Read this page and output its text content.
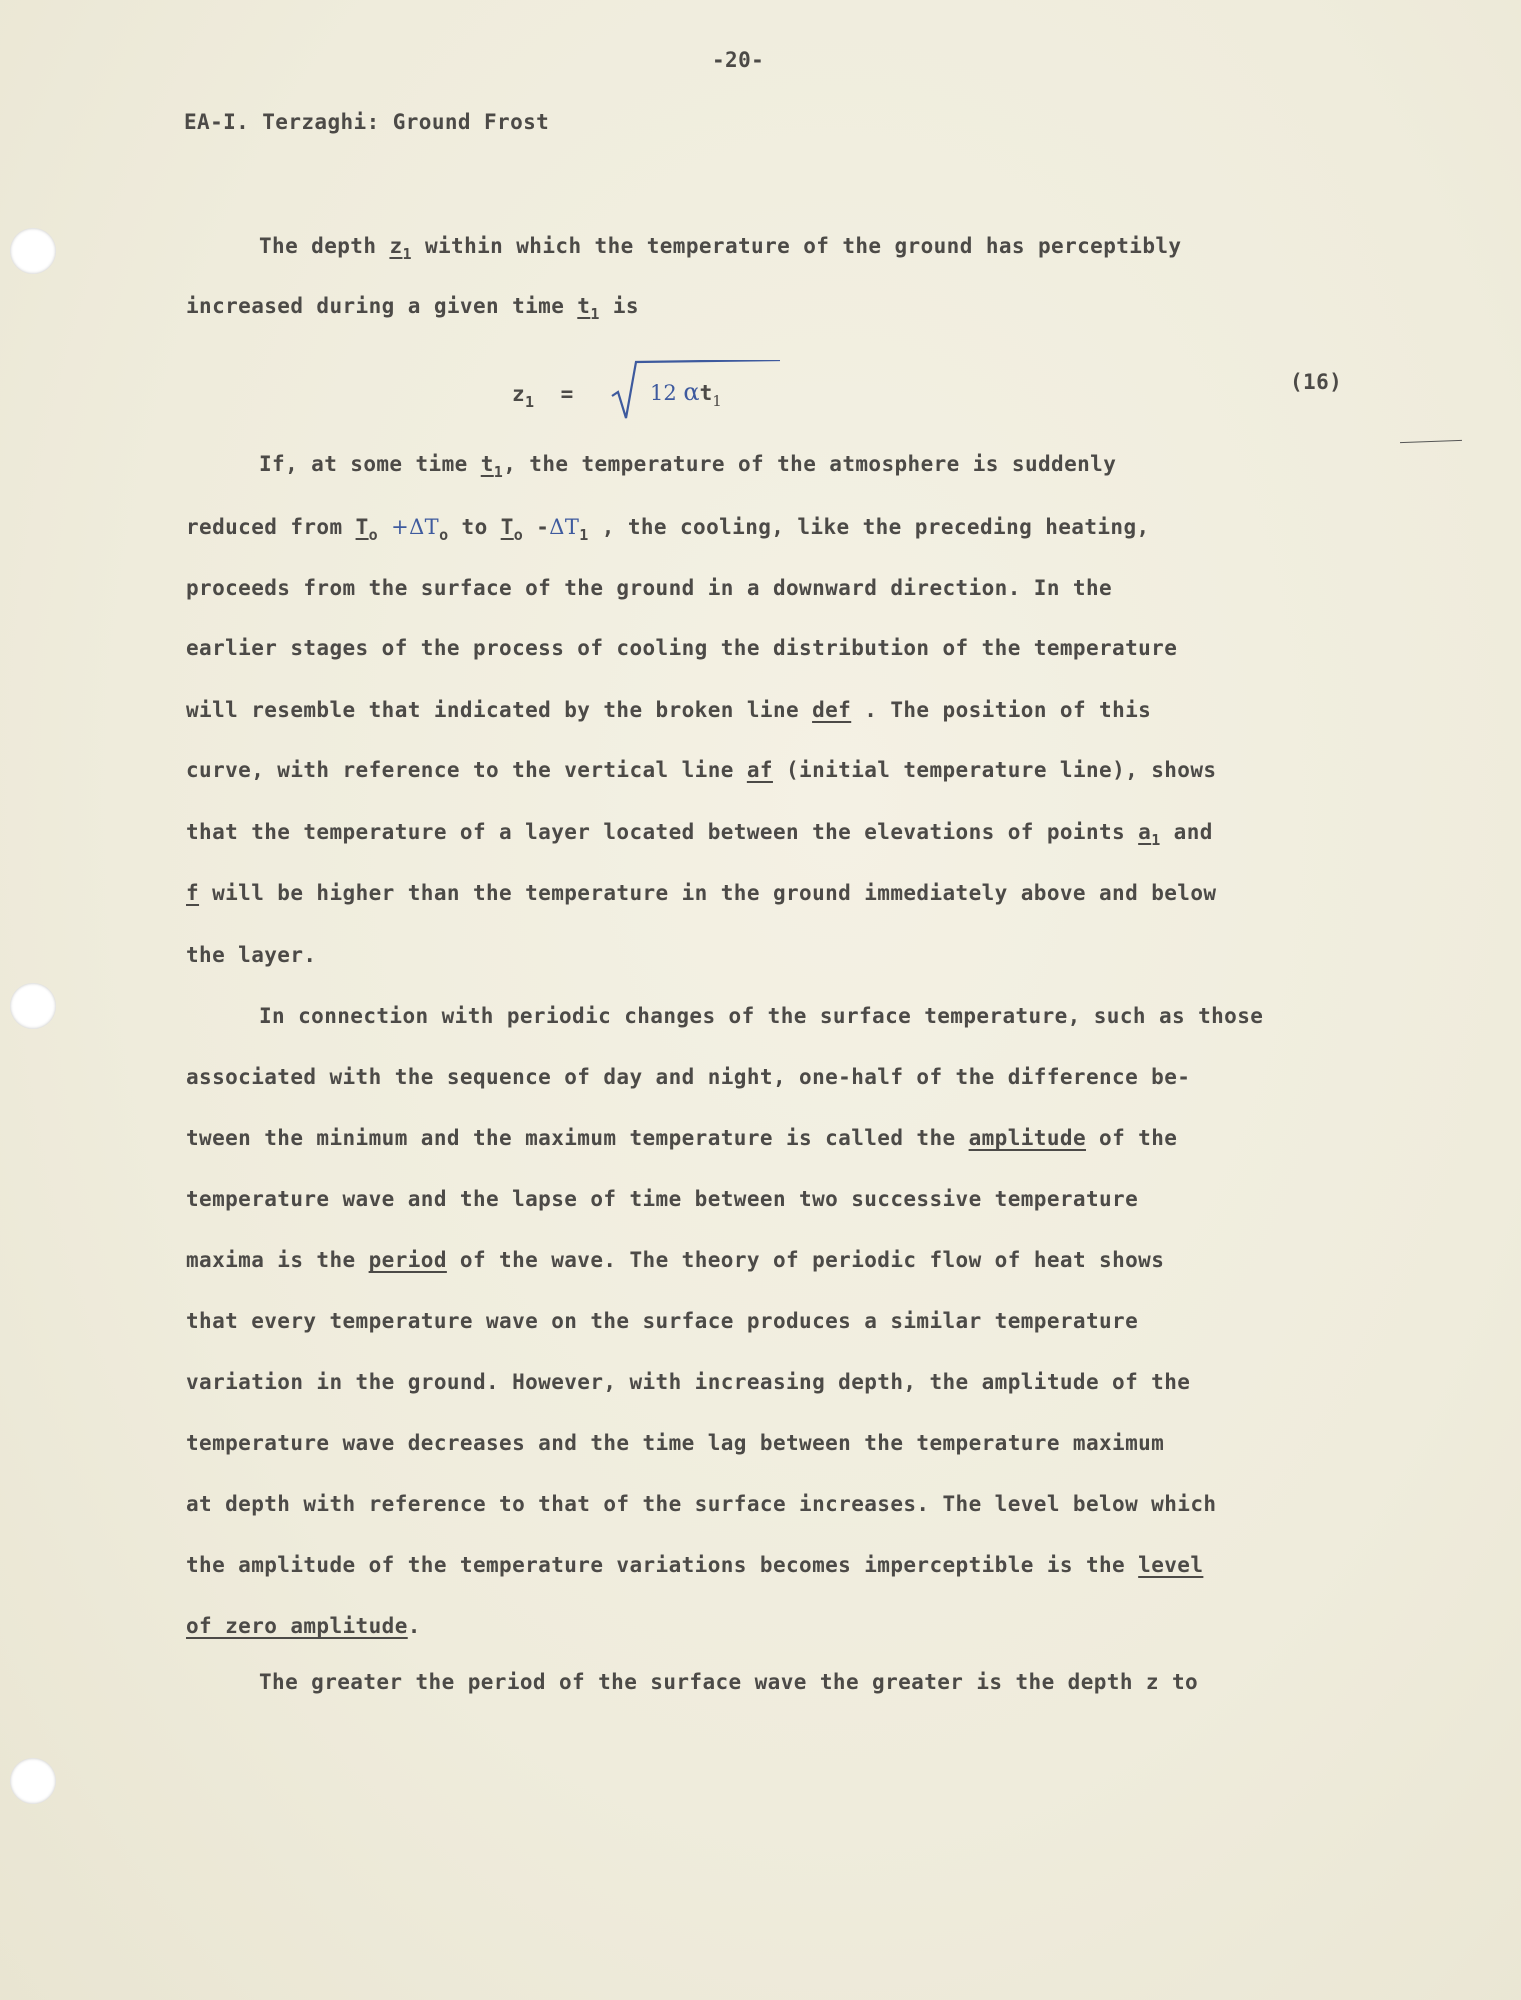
-20-
EA-I. Terzaghi: Ground Frost
The depth $z_1$ within which the temperature of the ground has perceptibly
increased during a given time $t_1$ is
$z_1$ =	(16)
If, at some time $t_1$, the temperature of the atmosphere is suddenly
reduced from $T_o +\Delta T_o$ to $T_o$ $-\Delta T_1$ , the cooling, like the preceding heating,
proceeds from the surface of the ground in a downward direction. In the
earlier stages of the process of cooling the distribution of the temperature
will resemble that indicated by the broken line def . The position of this
curve, with reference to the vertical line af (initial temperature line), shows
that the temperature of a layer located between the elevations of points $a_1$ and
f will be higher than the temperature in the ground immediately above and below
the layer.
In connection with periodic changes of the surface temperature, such as those
associated with the sequence of day and night, one-half of the difference be-
tween the minimum and the maximum temperature is called the amplitude of the
temperature wave and the lapse of time between two successive temperature
maxima is the period of the wave. The theory of periodic flow of heat shows
that every temperature wave on the surface produces a similar temperature
variation in the ground. However, with increasing depth, the amplitude of the
temperature wave decreases and the time lag between the temperature maximum
at depth with reference to that of the surface increases. The level below which
the amplitude of the temperature variations becomes imperceptible is the level
of zero amplitude.
The greater the period of the surface wave the greater is the depth z to
12 $\alpha t_1$
